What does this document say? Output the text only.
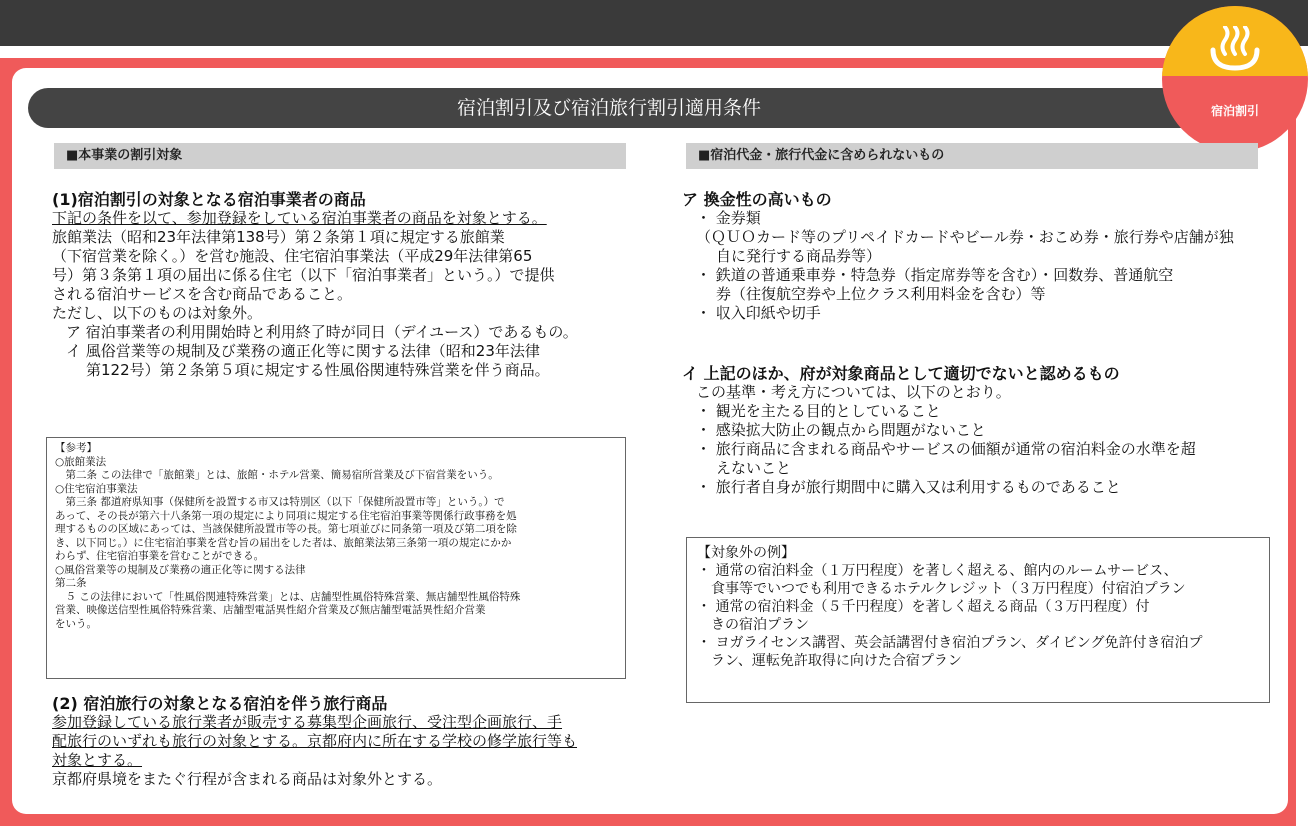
宿泊割引及び宿泊旅行割引適用条件	宿泊割引
■本事業の割引対象

(1)宿泊割引の対象となる宿泊事業者の商品

下記の条件を以て、参加登録をしている宿泊事業者の商品を対象とする。

旅館業法（昭和23年法律第138号）第２条第１項に規定する旅館業

（下宿営業を除く。）を営む施設、住宅宿泊事業法（平成29年法律第65

号）第３条第１項の届出に係る住宅（以下「宿泊事業者」という。）で提供

される宿泊サービスを含む商品であること。

ただし、以下のものは対象外。

ア 宿泊事業者の利用開始時と利用終了時が同日（デイユース）であるもの。

イ 風俗営業等の規制及び業務の適正化等に関する法律（昭和23年法律

第122号）第２条第５項に規定する性風俗関連特殊営業を伴う商品。

【参考】

○旅館業法

　第二条 この法律で「旅館業」とは、旅館・ホテル営業、簡易宿所営業及び下宿営業をいう。

○住宅宿泊事業法

　第三条 都道府県知事（保健所を設置する市又は特別区（以下「保健所設置市等」という。）で

あって、その長が第六十八条第一項の規定により同項に規定する住宅宿泊事業等関係行政事務を処

理するものの区域にあっては、当該保健所設置市等の長。第七項並びに同条第一項及び第二項を除

き、以下同じ。）に住宅宿泊事業を営む旨の届出をした者は、旅館業法第三条第一項の規定にかか

わらず、住宅宿泊事業を営むことができる。

○風俗営業等の規制及び業務の適正化等に関する法律

第二条

　５ この法律において「性風俗関連特殊営業」とは、店舗型性風俗特殊営業、無店舗型性風俗特殊

営業、映像送信型性風俗特殊営業、店舗型電話異性紹介営業及び無店舗型電話異性紹介営業

をいう。

(2) 宿泊旅行の対象となる宿泊を伴う旅行商品

参加登録している旅行業者が販売する募集型企画旅行、受注型企画旅行、手

配旅行のいずれも旅行の対象とする。京都府内に所在する学校の修学旅行等も

対象とする。

京都府県境をまたぐ行程が含まれる商品は対象外とする。

■宿泊代金・旅行代金に含められないもの

ア 換金性の高いもの

・ 金券類

（ＱＵＯカード等のプリペイドカードやビール券・おこめ券・旅行券や店舗が独

自に発行する商品券等）

・ 鉄道の普通乗車券・特急券（指定席券等を含む）・回数券、普通航空

券（往復航空券や上位クラス利用料金を含む）等

・ 収入印紙や切手

イ 上記のほか、府が対象商品として適切でないと認めるもの

この基準・考え方については、以下のとおり。

・ 観光を主たる目的としていること

・ 感染拡大防止の観点から問題がないこと

・ 旅行商品に含まれる商品やサービスの価額が通常の宿泊料金の水準を超

えないこと

・ 旅行者自身が旅行期間中に購入又は利用するものであること

【対象外の例】

・ 通常の宿泊料金（１万円程度）を著しく超える、館内のルームサービス、

食事等でいつでも利用できるホテルクレジット（３万円程度）付宿泊プラン

・ 通常の宿泊料金（５千円程度）を著しく超える商品（３万円程度）付

きの宿泊プラン

・ ヨガライセンス講習、英会話講習付き宿泊プラン、ダイビング免許付き宿泊プ

ラン、運転免許取得に向けた合宿プラン
